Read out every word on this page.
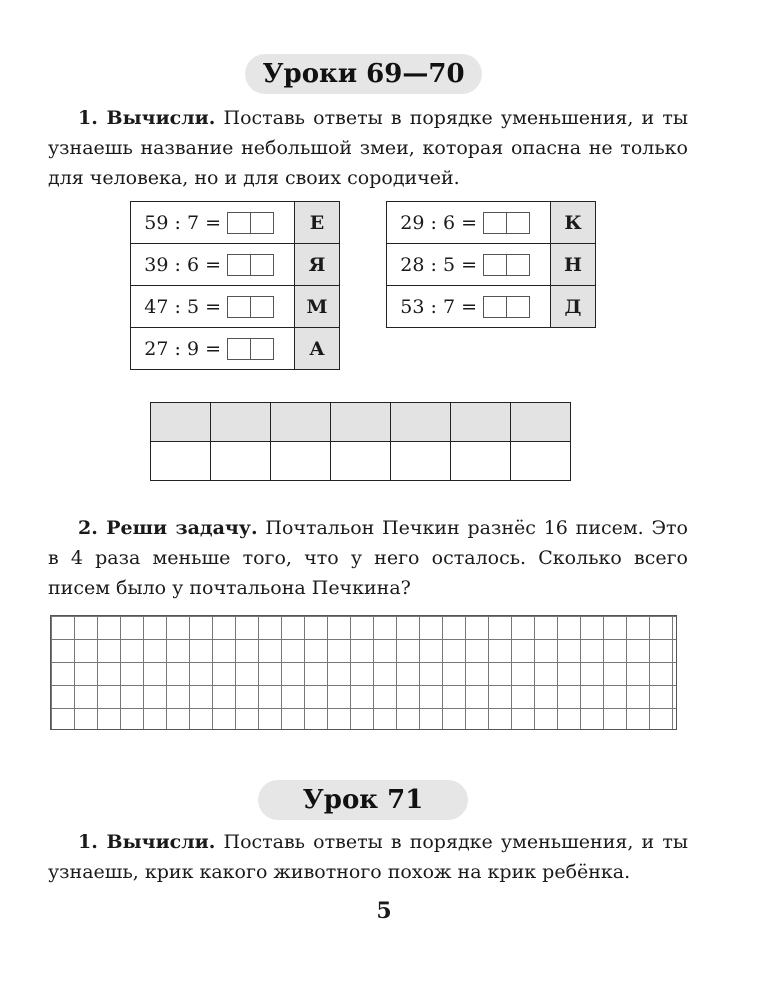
Уроки 69—70
1. Вычисли. Поставь ответы в порядке уменьшения, и ты узнаешь название небольшой змеи, которая опасна не только для человека, но и для своих сородичей.
59 : 7 =	Е

39 : 6 =	Я

47 : 5 =	М

27 : 9 =	А
29 : 6 =	К

28 : 5 =	Н

53 : 7 =	Д

2. Реши задачу. Почтальон Печкин разнёс 16 писем. Это в 4 раза меньше того, что у него осталось. Сколько всего писем было у почтальона Печкина?
Урок 71
1. Вычисли. Поставь ответы в порядке уменьшения, и ты узнаешь, крик какого животного похож на крик ребёнка.
5
